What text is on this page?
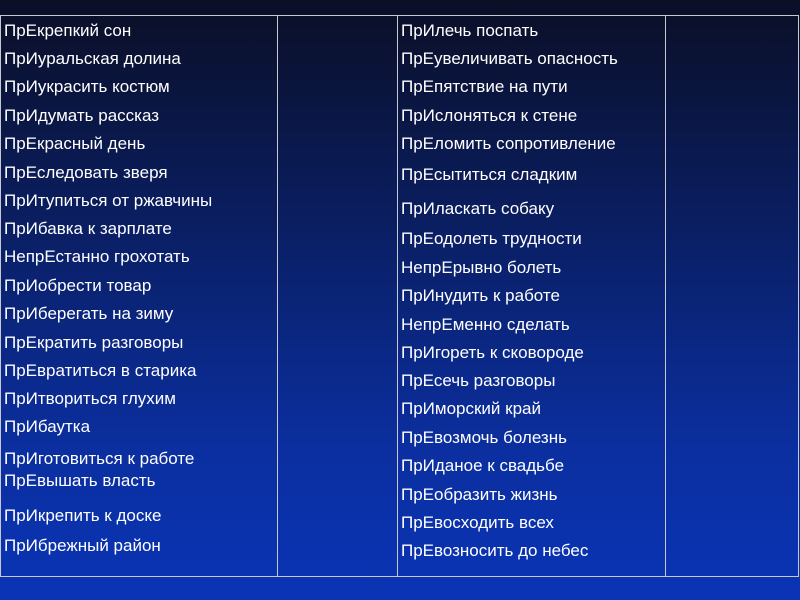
ПрЕкрепкий сон
ПрИуральская долина
ПрИукрасить костюм
ПрИдумать рассказ
ПрЕкрасный день
ПрЕследовать зверя
ПрИтупиться от ржавчины
ПрИбавка к зарплате
НепрЕстанно грохотать
ПрИобрести товар
ПрИберегать на зиму
ПрЕкратить разговоры
ПрЕвратиться в старика
ПрИтвориться глухим
ПрИбаутка
ПрИготовиться к работе
ПрЕвышать власть
ПрИкрепить к доске
ПрИбрежный район
ПрИлечь поспать
ПрЕувеличивать опасность
ПрЕпятствие на пути
ПрИслоняться к стене
ПрЕломить сопротивление
ПрЕсытиться сладким
ПрИласкать собаку
ПрЕодолеть трудности
НепрЕрывно болеть
ПрИнудить к работе
НепрЕменно сделать
ПрИгореть к сковороде
ПрЕсечь разговоры
ПрИморский край
ПрЕвозмочь болезнь
ПрИданое к свадьбе
ПрЕобразить жизнь
ПрЕвосходить всех
ПрЕвозносить до небес
